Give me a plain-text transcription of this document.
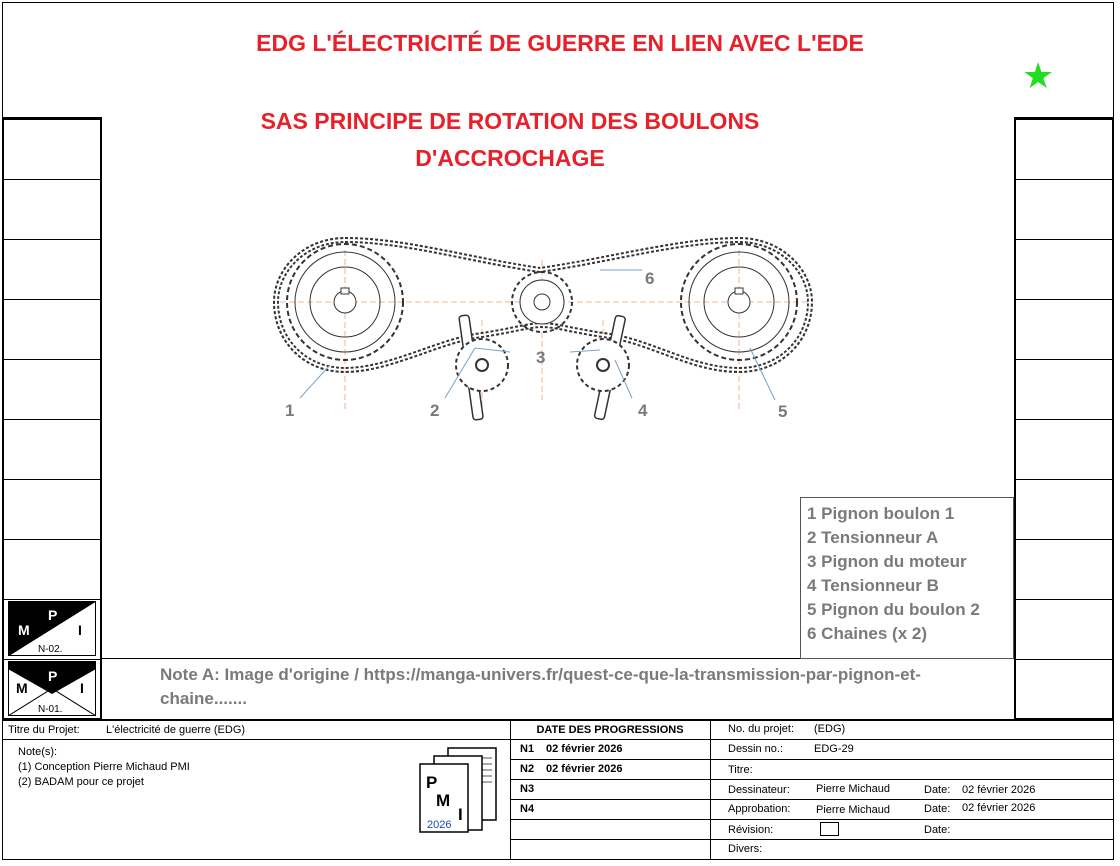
EDG L'ÉLECTRICITÉ DE GUERRE EN LIEN AVEC L'EDE
SAS PRINCIPE DE ROTATION DES BOULONS
D'ACCROCHAGE
★
M
P
I
N-02.
M
P
I
N-01.
1	2
3
4	5
6
1 Pignon boulon 1
2 Tensionneur A
3 Pignon du moteur
4 Tensionneur B
5 Pignon du boulon 2
6 Chaines (x 2)
Note A: Image d'origine / https://manga-univers.fr/quest-ce-que-la-transmission-par-pignon-et-
chaine.......
Titre du Projet: L'électricité de guerre (EDG)
Note(s):
(1) Conception Pierre Michaud PMI
(2) BADAM pour ce projet	P
M
I
2026
DATE DES PROGRESSIONS
N1 02 février 2026
N2 02 février 2026
N3
N4
No. du projet: (EDG)
Dessin no.:	EDG-29
Titre:
Dessinateur: Pierre Michaud	Date: 02 février 2026
Approbation: Pierre Michaud	Date: 02 février 2026
Révision:	Date:
Divers:
